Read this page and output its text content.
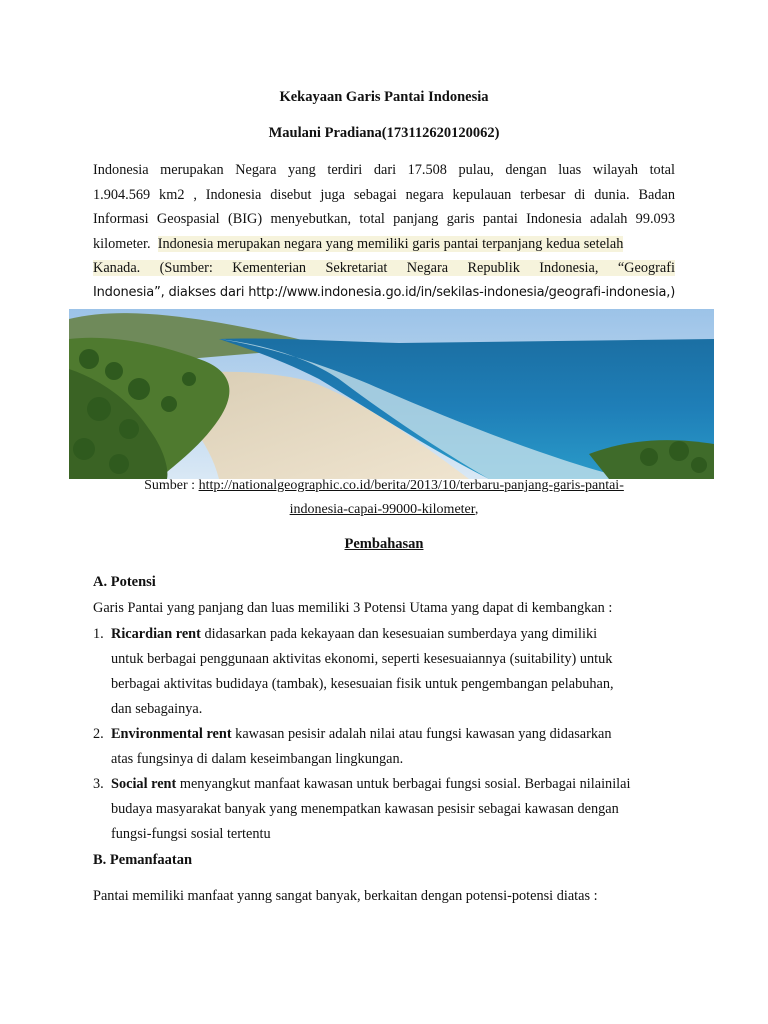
Kekayaan Garis Pantai Indonesia
Maulani Pradiana(173112620120062)
Indonesia merupakan Negara yang terdiri dari 17.508 pulau, dengan luas wilayah total
1.904.569 km2 , Indonesia disebut juga sebagai negara kepulauan terbesar di dunia. Badan
Informasi Geospasial (BIG) menyebutkan, total panjang garis pantai Indonesia adalah 99.093
kilometer. Indonesia merupakan negara yang memiliki garis pantai terpanjang kedua setelah
Kanada. (Sumber: Kementerian Sekretariat Negara Republik Indonesia, “Geografi
Indonesia”, diakses dari http://www.indonesia.go.id/in/sekilas-indonesia/geografi-indonesia,)
Sumber : http://nationalgeographic.co.id/berita/2013/10/terbaru-panjang-garis-pantai-
indonesia-capai-99000-kilometer,
Pembahasan
A. Potensi
Garis Pantai yang panjang dan luas memiliki 3 Potensi Utama yang dapat di kembangkan :
1. Ricardian rent didasarkan pada kekayaan dan kesesuaian sumberdaya yang dimiliki
untuk berbagai penggunaan aktivitas ekonomi, seperti kesesuaiannya (suitability) untuk
berbagai aktivitas budidaya (tambak), kesesuaian fisik untuk pengembangan pelabuhan,
dan sebagainya.
2. Environmental rent kawasan pesisir adalah nilai atau fungsi kawasan yang didasarkan
atas fungsinya di dalam keseimbangan lingkungan.
3. Social rent menyangkut manfaat kawasan untuk berbagai fungsi sosial. Berbagai nilainilai
budaya masyarakat banyak yang menempatkan kawasan pesisir sebagai kawasan dengan
fungsi-fungsi sosial tertentu
B. Pemanfaatan
Pantai memiliki manfaat yanng sangat banyak, berkaitan dengan potensi-potensi diatas :
